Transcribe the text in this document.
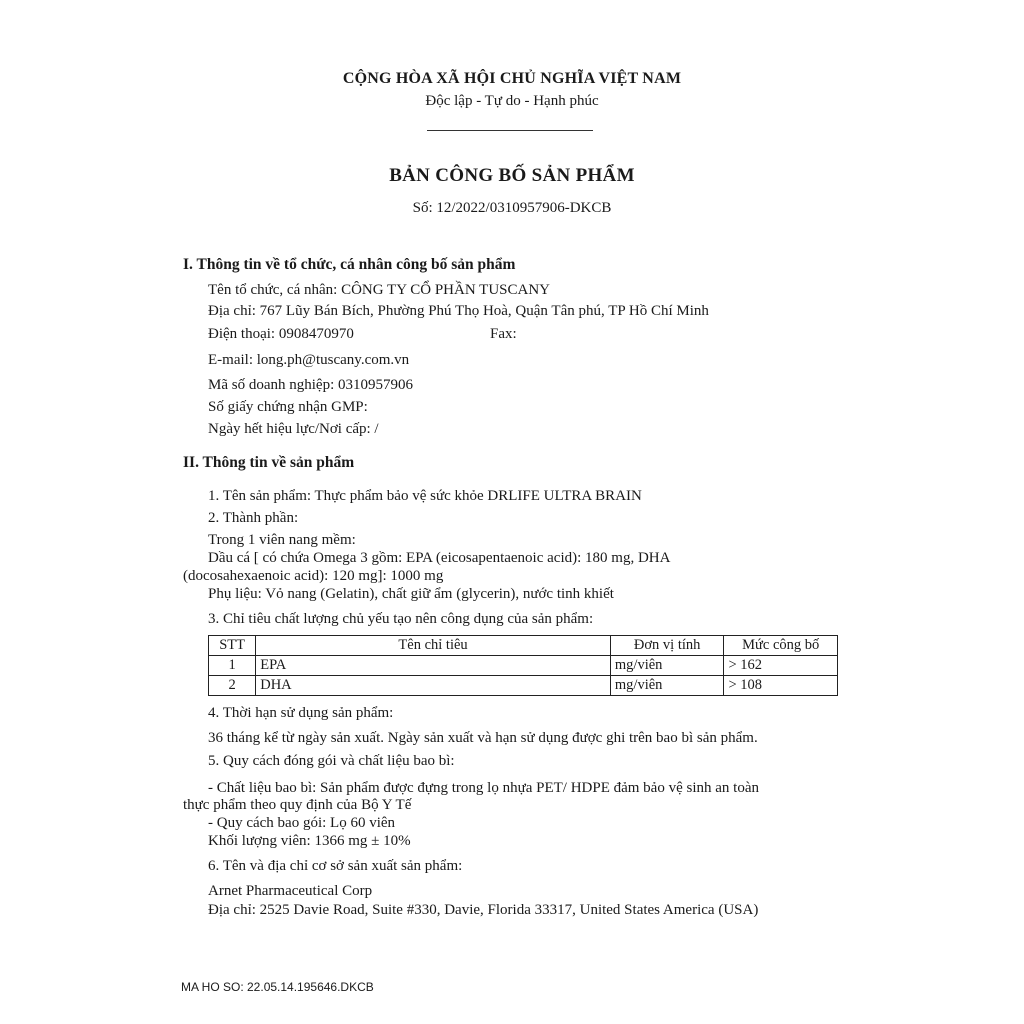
CỘNG HÒA XÃ HỘI CHỦ NGHĨA VIỆT NAM
Độc lập - Tự do - Hạnh phúc
BẢN CÔNG BỐ SẢN PHẨM
Số: 12/2022/0310957906-DKCB
I. Thông tin về tổ chức, cá nhân công bố sản phẩm
Tên tổ chức, cá nhân: CÔNG TY CỔ PHẦN TUSCANY
Địa chỉ: 767 Lũy Bán Bích, Phường Phú Thọ Hoà, Quận Tân phú, TP Hồ Chí Minh
Điện thoại: 0908470970	Fax:
E-mail: long.ph@tuscany.com.vn
Mã số doanh nghiệp: 0310957906
Số giấy chứng nhận GMP:
Ngày hết hiệu lực/Nơi cấp: /
II. Thông tin về sản phẩm
1. Tên sản phẩm: Thực phẩm bảo vệ sức khỏe DRLIFE ULTRA BRAIN
2. Thành phần:
Trong 1 viên nang mềm:
Dầu cá [ có chứa Omega 3 gồm: EPA (eicosapentaenoic acid): 180 mg, DHA
(docosahexaenoic acid): 120 mg]: 1000 mg
Phụ liệu: Vỏ nang (Gelatin), chất giữ ẩm (glycerin), nước tinh khiết
3. Chỉ tiêu chất lượng chủ yếu tạo nên công dụng của sản phẩm:
STT	Tên chỉ tiêu	Đơn vị tính	Mức công bố
1	EPA	mg/viên	> 162
2	DHA	mg/viên	> 108
4. Thời hạn sử dụng sản phẩm:
36 tháng kể từ ngày sản xuất. Ngày sản xuất và hạn sử dụng được ghi trên bao bì sản phẩm.
5. Quy cách đóng gói và chất liệu bao bì:
- Chất liệu bao bì: Sản phẩm được đựng trong lọ nhựa PET/ HDPE đảm bảo vệ sinh an toàn
thực phẩm theo quy định của Bộ Y Tế
- Quy cách bao gói: Lọ 60 viên
Khối lượng viên: 1366 mg ± 10%
6. Tên và địa chỉ cơ sở sản xuất sản phẩm:
Arnet Pharmaceutical Corp
Địa chỉ: 2525 Davie Road, Suite #330, Davie, Florida 33317, United States America (USA)
MA HO SO: 22.05.14.195646.DKCB
